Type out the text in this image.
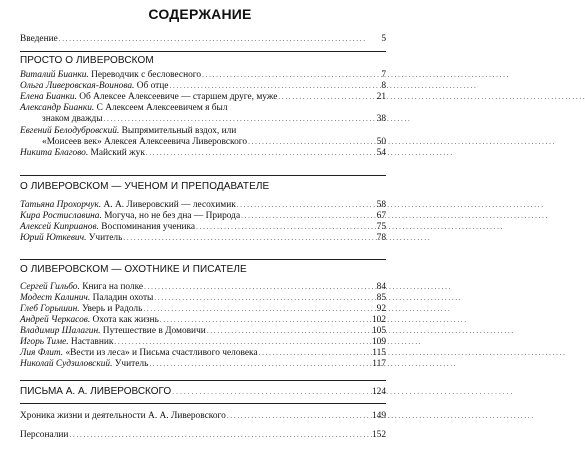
СОДЕРЖАНИЕ
Введение . . .	5
ПРОСТО О ЛИВЕРОВСКОМ
Виталий Бианки. Переводчик с бесловесного . . .	7
Ольга Ливеровская-Воинова. Об отце . . .	8
Елена Бианки. Об Алексее Алексеевиче — старшем друге, муже . . .	21
Александр Бианки. С Алексеем Алексеевичем я был
знаком дважды . . .	38
Евгений Белодубровский. Выпрямительный вздох, или
«Моисеев век» Алексея Алексеевича Ливеровского . . .	50
Никита Благово. Майский жук . . .	54
О ЛИВЕРОВСКОМ — УЧЕНОМ И ПРЕПОДАВАТЕЛЕ
Татьяна Прохорчук. А. А. Ливеровский — лесохимик . . .	58
Кира Ростиславина. Могуча, но не без дна — Природа . . .	67
Алексей Киприанов. Воспоминания ученика . . .	75
Юрий Юткевич. Учитель . . .	78
О ЛИВЕРОВСКОМ — ОХОТНИКЕ И ПИСАТЕЛЕ
Сергей Гильбо. Книга на полке . . .	84
Модест Калинич. Паладин охоты . . .	85
Глеб Горышин. Уверь и Радоль . . .	92
Андрей Черкасов. Охота как жизнь . . .	102
Владимир Шалагин. Путешествие в Домовичи . . .	105
Игорь Тиме. Наставник . . .	109
Лия Флит. «Вести из леса» и Письма счастливого человека . . .	115
Николай Судзиловский. Учитель . . .	117
ПИСЬМА А. А. ЛИВЕРОВСКОГО . . .	124
Хроника жизни и деятельности А. А. Ливеровского . . .	149
Персоналии . . .	152
